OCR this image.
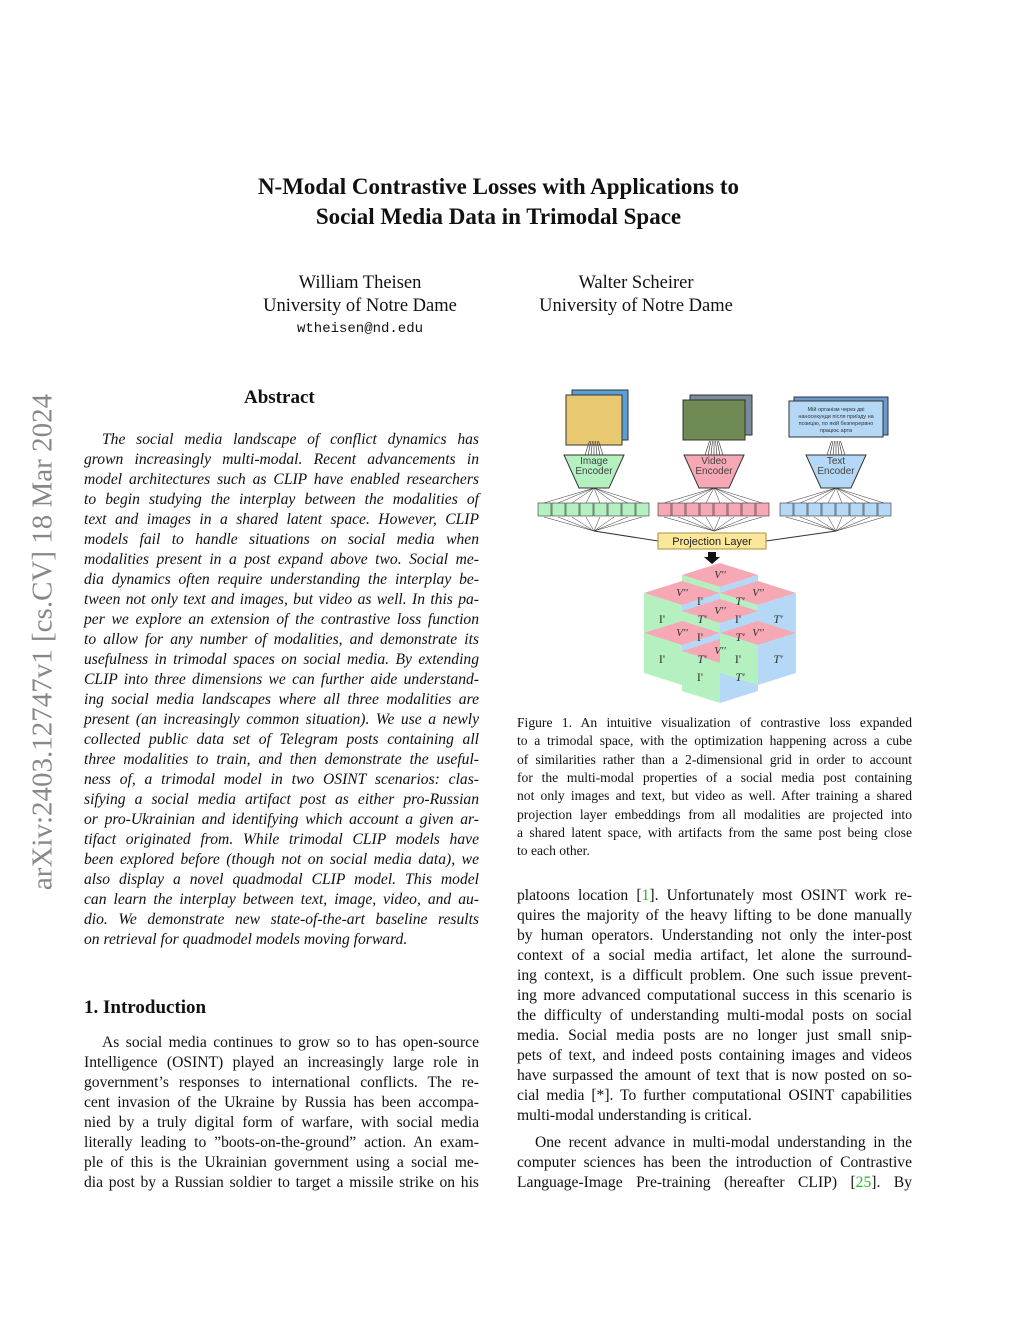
arXiv:2403.12747v1 [cs.CV] 18 Mar 2024
N-Modal Contrastive Losses with Applications to
Social Media Data in Trimodal Space
William Theisen
University of Notre Dame
wtheisen@nd.edu
Walter Scheirer
University of Notre Dame
Abstract
The social media landscape of conflict dynamics has
grown increasingly multi-modal. Recent advancements in
model architectures such as CLIP have enabled researchers
to begin studying the interplay between the modalities of
text and images in a shared latent space. However, CLIP
models fail to handle situations on social media when
modalities present in a post expand above two. Social me-
dia dynamics often require understanding the interplay be-
tween not only text and images, but video as well. In this pa-
per we explore an extension of the contrastive loss function
to allow for any number of modalities, and demonstrate its
usefulness in trimodal spaces on social media. By extending
CLIP into three dimensions we can further aide understand-
ing social media landscapes where all three modalities are
present (an increasingly common situation). We use a newly
collected public data set of Telegram posts containing all
three modalities to train, and then demonstrate the useful-
ness of, a trimodal model in two OSINT scenarios: clas-
sifying a social media artifact post as either pro-Russian
or pro-Ukrainian and identifying which account a given ar-
tifact originated from. While trimodal CLIP models have
been explored before (though not on social media data), we
also display a novel quadmodal CLIP model. This model
can learn the interplay between text, image, video, and au-
dio. We demonstrate new state-of-the-art baseline results
on retrieval for quadmodel models moving forward.
1. Introduction
As social media continues to grow so to has open-source
Intelligence (OSINT) played an increasingly large role in
government’s responses to international conflicts. The re-
cent invasion of the Ukraine by Russia has been accompa-
nied by a truly digital form of warfare, with social media
literally leading to ”boots-on-the-ground” action. An exam-
ple of this is the Ukrainian government using a social me-
dia post by a Russian soldier to target a missile strike on his
Мій організм через дві
наносекунди після приїзду на
позицію, по якій безперервно
працює арта
Image
Encoder
Video
Encoder
Text
Encoder
Projection Layer
V''
I'	T'
V''
I'	T'
V''
I'	T'
V''
I'	T'
V''
I'	T'
V''
I'	T'
V''
I'	T'
Figure 1. An intuitive visualization of contrastive loss expanded
to a trimodal space, with the optimization happening across a cube
of similarities rather than a 2-dimensional grid in order to account
for the multi-modal properties of a social media post containing
not only images and text, but video as well. After training a shared
projection layer embeddings from all modalities are projected into
a shared latent space, with artifacts from the same post being close
to each other.
platoons location [1]. Unfortunately most OSINT work re-
quires the majority of the heavy lifting to be done manually
by human operators. Understanding not only the inter-post
context of a social media artifact, let alone the surround-
ing context, is a difficult problem. One such issue prevent-
ing more advanced computational success in this scenario is
the difficulty of understanding multi-modal posts on social
media. Social media posts are no longer just small snip-
pets of text, and indeed posts containing images and videos
have surpassed the amount of text that is now posted on so-
cial media [*]. To further computational OSINT capabilities
multi-modal understanding is critical.
One recent advance in multi-modal understanding in the
computer sciences has been the introduction of Contrastive
Language-Image Pre-training (hereafter CLIP) [25]. By
